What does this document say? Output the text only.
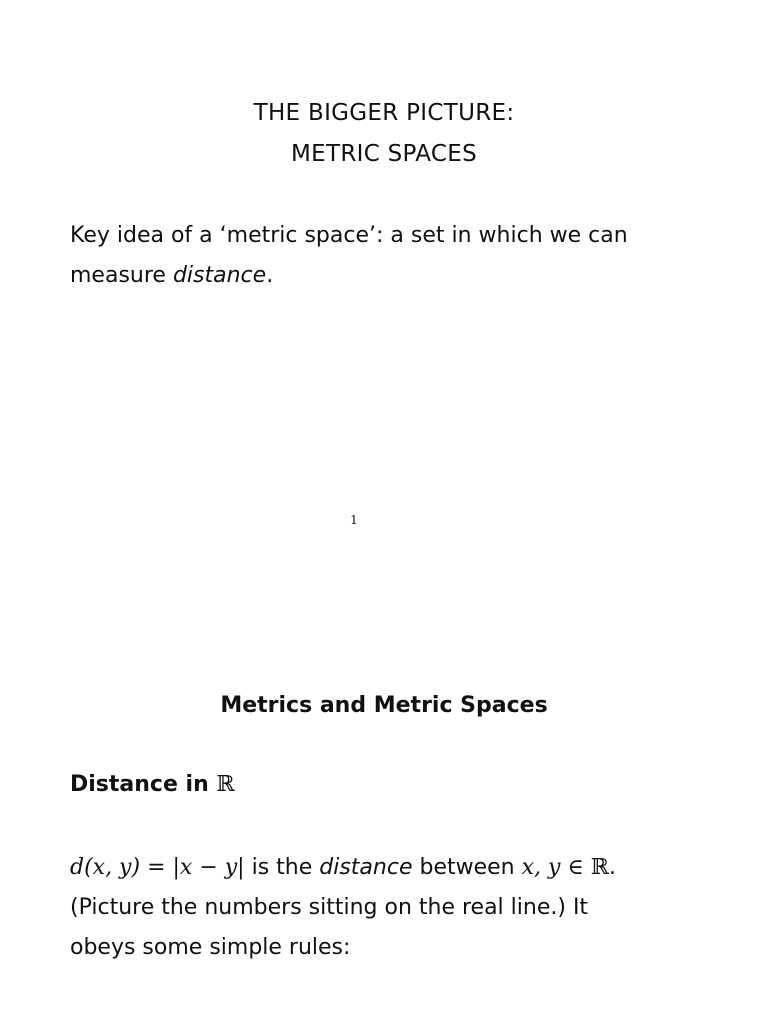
THE BIGGER PICTURE:
METRIC SPACES

Key idea of a ‘metric space’: a set in which we can
measure distance.

1
Metrics and Metric Spaces
Distance in ℝ

d(x, y) = |x − y| is the distance between x, y ∈ ℝ.
(Picture the numbers sitting on the real line.) It
obeys some simple rules:
